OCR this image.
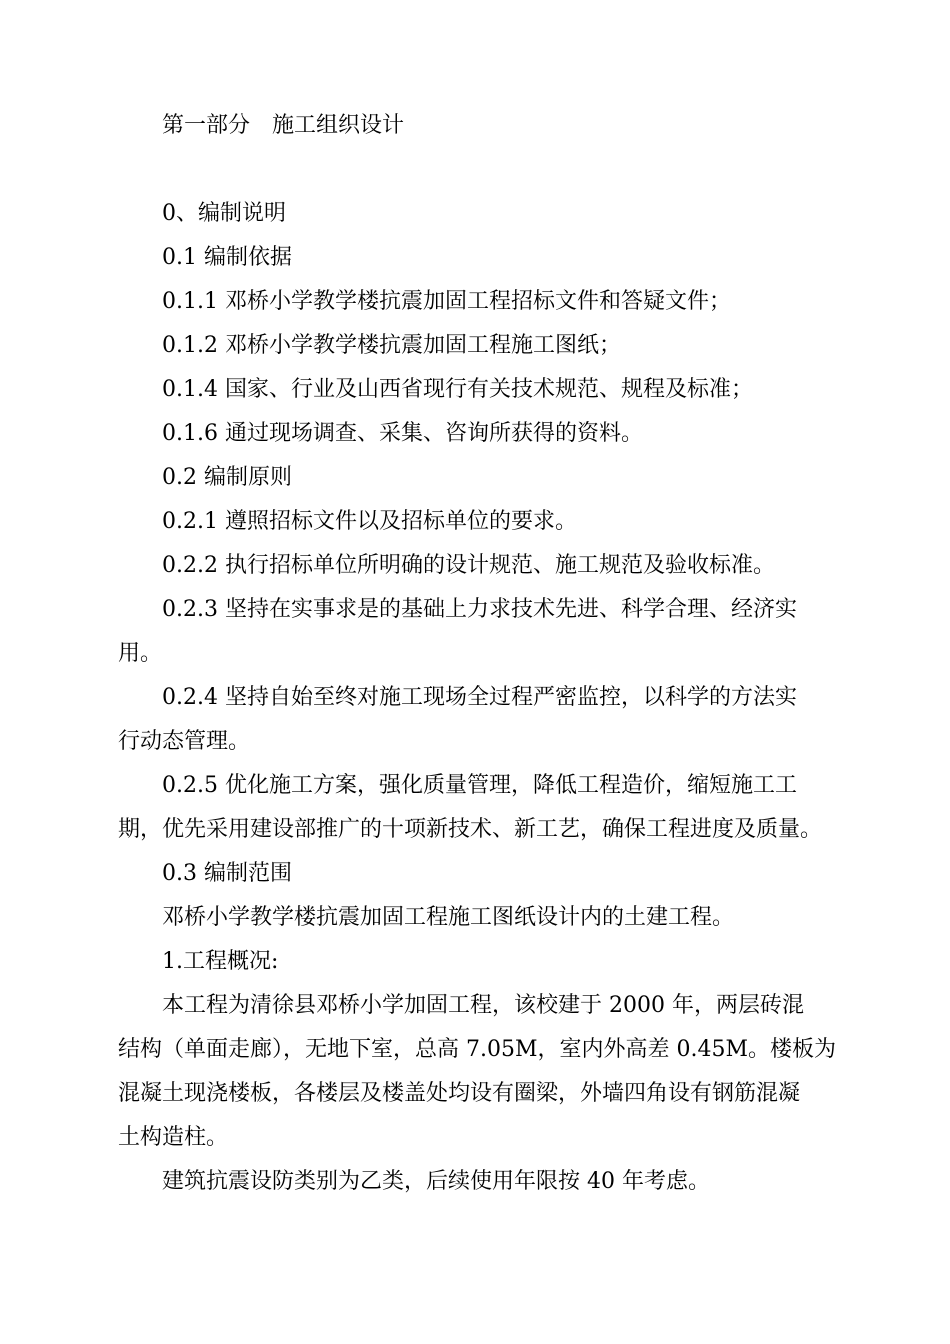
第一部分 施工组织设计
0、编制说明
0.1 编制依据
0.1.1 邓桥小学教学楼抗震加固工程招标文件和答疑文件；
0.1.2 邓桥小学教学楼抗震加固工程施工图纸；
0.1.4 国家、行业及山西省现行有关技术规范、规程及标准；
0.1.6 通过现场调查、采集、咨询所获得的资料。
0.2 编制原则
0.2.1 遵照招标文件以及招标单位的要求。
0.2.2 执行招标单位所明确的设计规范、施工规范及验收标准。
0.2.3 坚持在实事求是的基础上力求技术先进、科学合理、经济实
用。
0.2.4 坚持自始至终对施工现场全过程严密监控，以科学的方法实
行动态管理。
0.2.5 优化施工方案，强化质量管理，降低工程造价，缩短施工工
期，优先采用建设部推广的十项新技术、新工艺，确保工程进度及质量。
0.3 编制范围
邓桥小学教学楼抗震加固工程施工图纸设计内的土建工程。
1.工程概况:
本工程为清徐县邓桥小学加固工程，该校建于 2000 年，两层砖混
结构（单面走廊），无地下室，总高 7.05M，室内外高差 0.45M。楼板为
混凝土现浇楼板，各楼层及楼盖处均设有圈梁，外墙四角设有钢筋混凝
土构造柱。
建筑抗震设防类别为乙类，后续使用年限按 40 年考虑。
